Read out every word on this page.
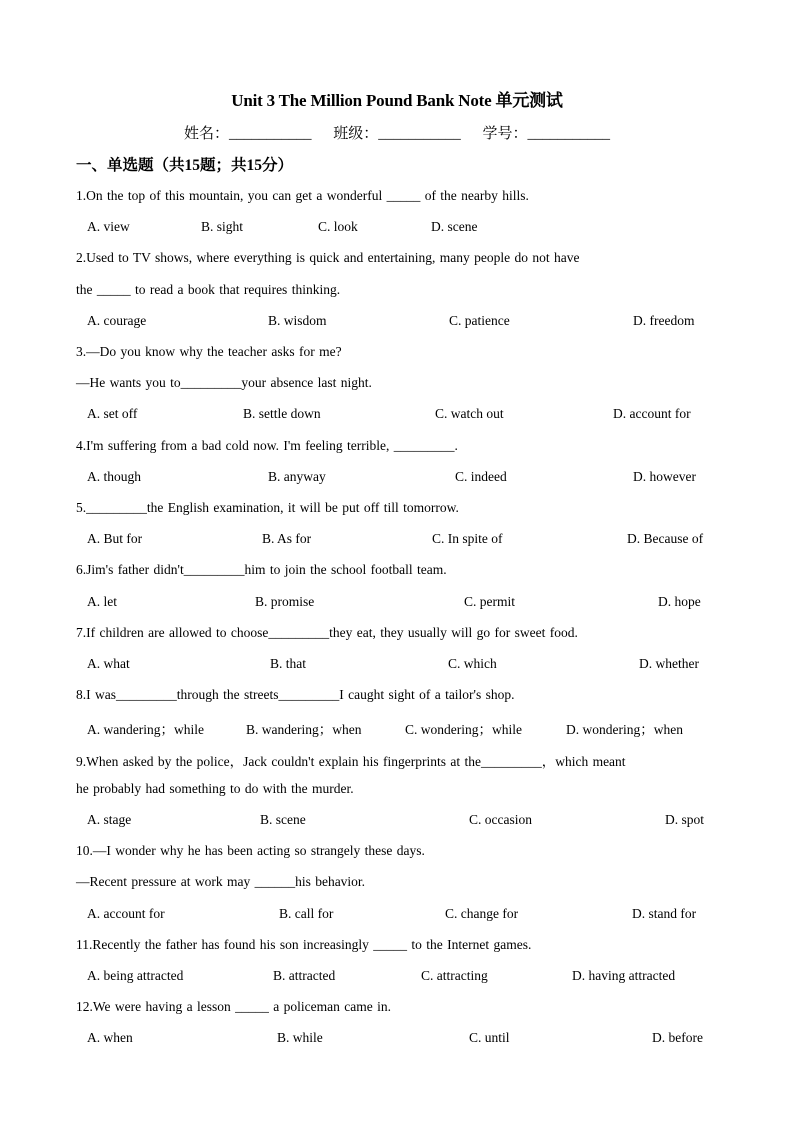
Unit 3 The Million Pound Bank Note 单元测试
姓名：___________ 班级：___________ 学号：___________
一、单选题（共15题；共15分）
1.On the top of this mountain, you can get a wonderful _____ of the nearby hills.
A. view	B. sight	C. look	D. scene
2.Used to TV shows, where everything is quick and entertaining, many people do not have
the _____ to read a book that requires thinking.
A. courage	B. wisdom	C. patience	D. freedom
3.—Do you know why the teacher asks for me?
—He wants you to_________your absence last night.
A. set off	B. settle down	C. watch out	D. account for
4.I'm suffering from a bad cold now. I'm feeling terrible, _________.
A. though	B. anyway	C. indeed	D. however
5._________the English examination, it will be put off till tomorrow.
A. But for	B. As for	C. In spite of	D. Because of
6.Jim's father didn't_________him to join the school football team.
A. let	B. promise	C. permit	D. hope
7.If children are allowed to choose_________they eat, they usually will go for sweet food.
A. what	B. that	C. which	D. whether
8.I was_________through the streets_________I caught sight of a tailor's shop.
A. wandering；while	B. wandering；when	C. wondering；while	D. wondering；when
9.When asked by the police，Jack couldn't explain his fingerprints at the_________，which meant
he probably had something to do with the murder.
A. stage	B. scene	C. occasion	D. spot
10.—I wonder why he has been acting so strangely these days.
—Recent pressure at work may ______his behavior.
A. account for	B. call for	C. change for	D. stand for
11.Recently the father has found his son increasingly _____ to the Internet games.
A. being attracted	B. attracted	C. attracting	D. having attracted
12.We were having a lesson _____ a policeman came in.
A. when	B. while	C. until	D. before
